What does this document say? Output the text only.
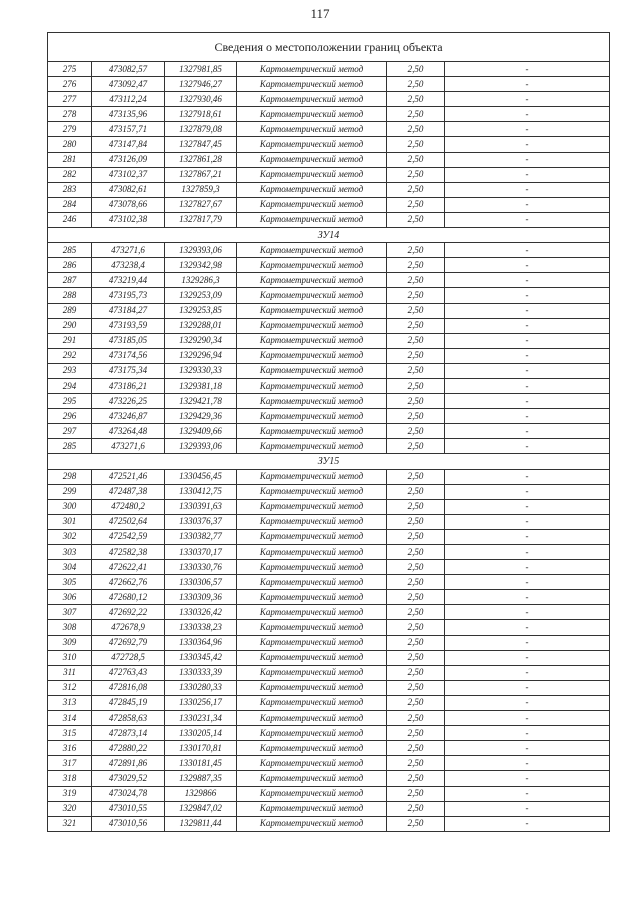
117
Сведения о местоположении границ объекта					
275	473082,57	1327981,85	Картометрический метод	2,50	-
276	473092,47	1327946,27	Картометрический метод	2,50	-
277	473112,24	1327930,46	Картометрический метод	2,50	-
278	473135,96	1327918,61	Картометрический метод	2,50	-
279	473157,71	1327879,08	Картометрический метод	2,50	-
280	473147,84	1327847,45	Картометрический метод	2,50	-
281	473126,09	1327861,28	Картометрический метод	2,50	-
282	473102,37	1327867,21	Картометрический метод	2,50	-
283	473082,61	1327859,3	Картометрический метод	2,50	-
284	473078,66	1327827,67	Картометрический метод	2,50	-
246	473102,38	1327817,79	Картометрический метод	2,50	-
ЗУ14					
285	473271,6	1329393,06	Картометрический метод	2,50	-
286	473238,4	1329342,98	Картометрический метод	2,50	-
287	473219,44	1329286,3	Картометрический метод	2,50	-
288	473195,73	1329253,09	Картометрический метод	2,50	-
289	473184,27	1329253,85	Картометрический метод	2,50	-
290	473193,59	1329288,01	Картометрический метод	2,50	-
291	473185,05	1329290,34	Картометрический метод	2,50	-
292	473174,56	1329296,94	Картометрический метод	2,50	-
293	473175,34	1329330,33	Картометрический метод	2,50	-
294	473186,21	1329381,18	Картометрический метод	2,50	-
295	473226,25	1329421,78	Картометрический метод	2,50	-
296	473246,87	1329429,36	Картометрический метод	2,50	-
297	473264,48	1329409,66	Картометрический метод	2,50	-
285	473271,6	1329393,06	Картометрический метод	2,50	-
ЗУ15					
298	472521,46	1330456,45	Картометрический метод	2,50	-
299	472487,38	1330412,75	Картометрический метод	2,50	-
300	472480,2	1330391,63	Картометрический метод	2,50	-
301	472502,64	1330376,37	Картометрический метод	2,50	-
302	472542,59	1330382,77	Картометрический метод	2,50	-
303	472582,38	1330370,17	Картометрический метод	2,50	-
304	472622,41	1330330,76	Картометрический метод	2,50	-
305	472662,76	1330306,57	Картометрический метод	2,50	-
306	472680,12	1330309,36	Картометрический метод	2,50	-
307	472692,22	1330326,42	Картометрический метод	2,50	-
308	472678,9	1330338,23	Картометрический метод	2,50	-
309	472692,79	1330364,96	Картометрический метод	2,50	-
310	472728,5	1330345,42	Картометрический метод	2,50	-
311	472763,43	1330333,39	Картометрический метод	2,50	-
312	472816,08	1330280,33	Картометрический метод	2,50	-
313	472845,19	1330256,17	Картометрический метод	2,50	-
314	472858,63	1330231,34	Картометрический метод	2,50	-
315	472873,14	1330205,14	Картометрический метод	2,50	-
316	472880,22	1330170,81	Картометрический метод	2,50	-
317	472891,86	1330181,45	Картометрический метод	2,50	-
318	473029,52	1329887,35	Картометрический метод	2,50	-
319	473024,78	1329866	Картометрический метод	2,50	-
320	473010,55	1329847,02	Картометрический метод	2,50	-
321	473010,56	1329811,44	Картометрический метод	2,50	-
